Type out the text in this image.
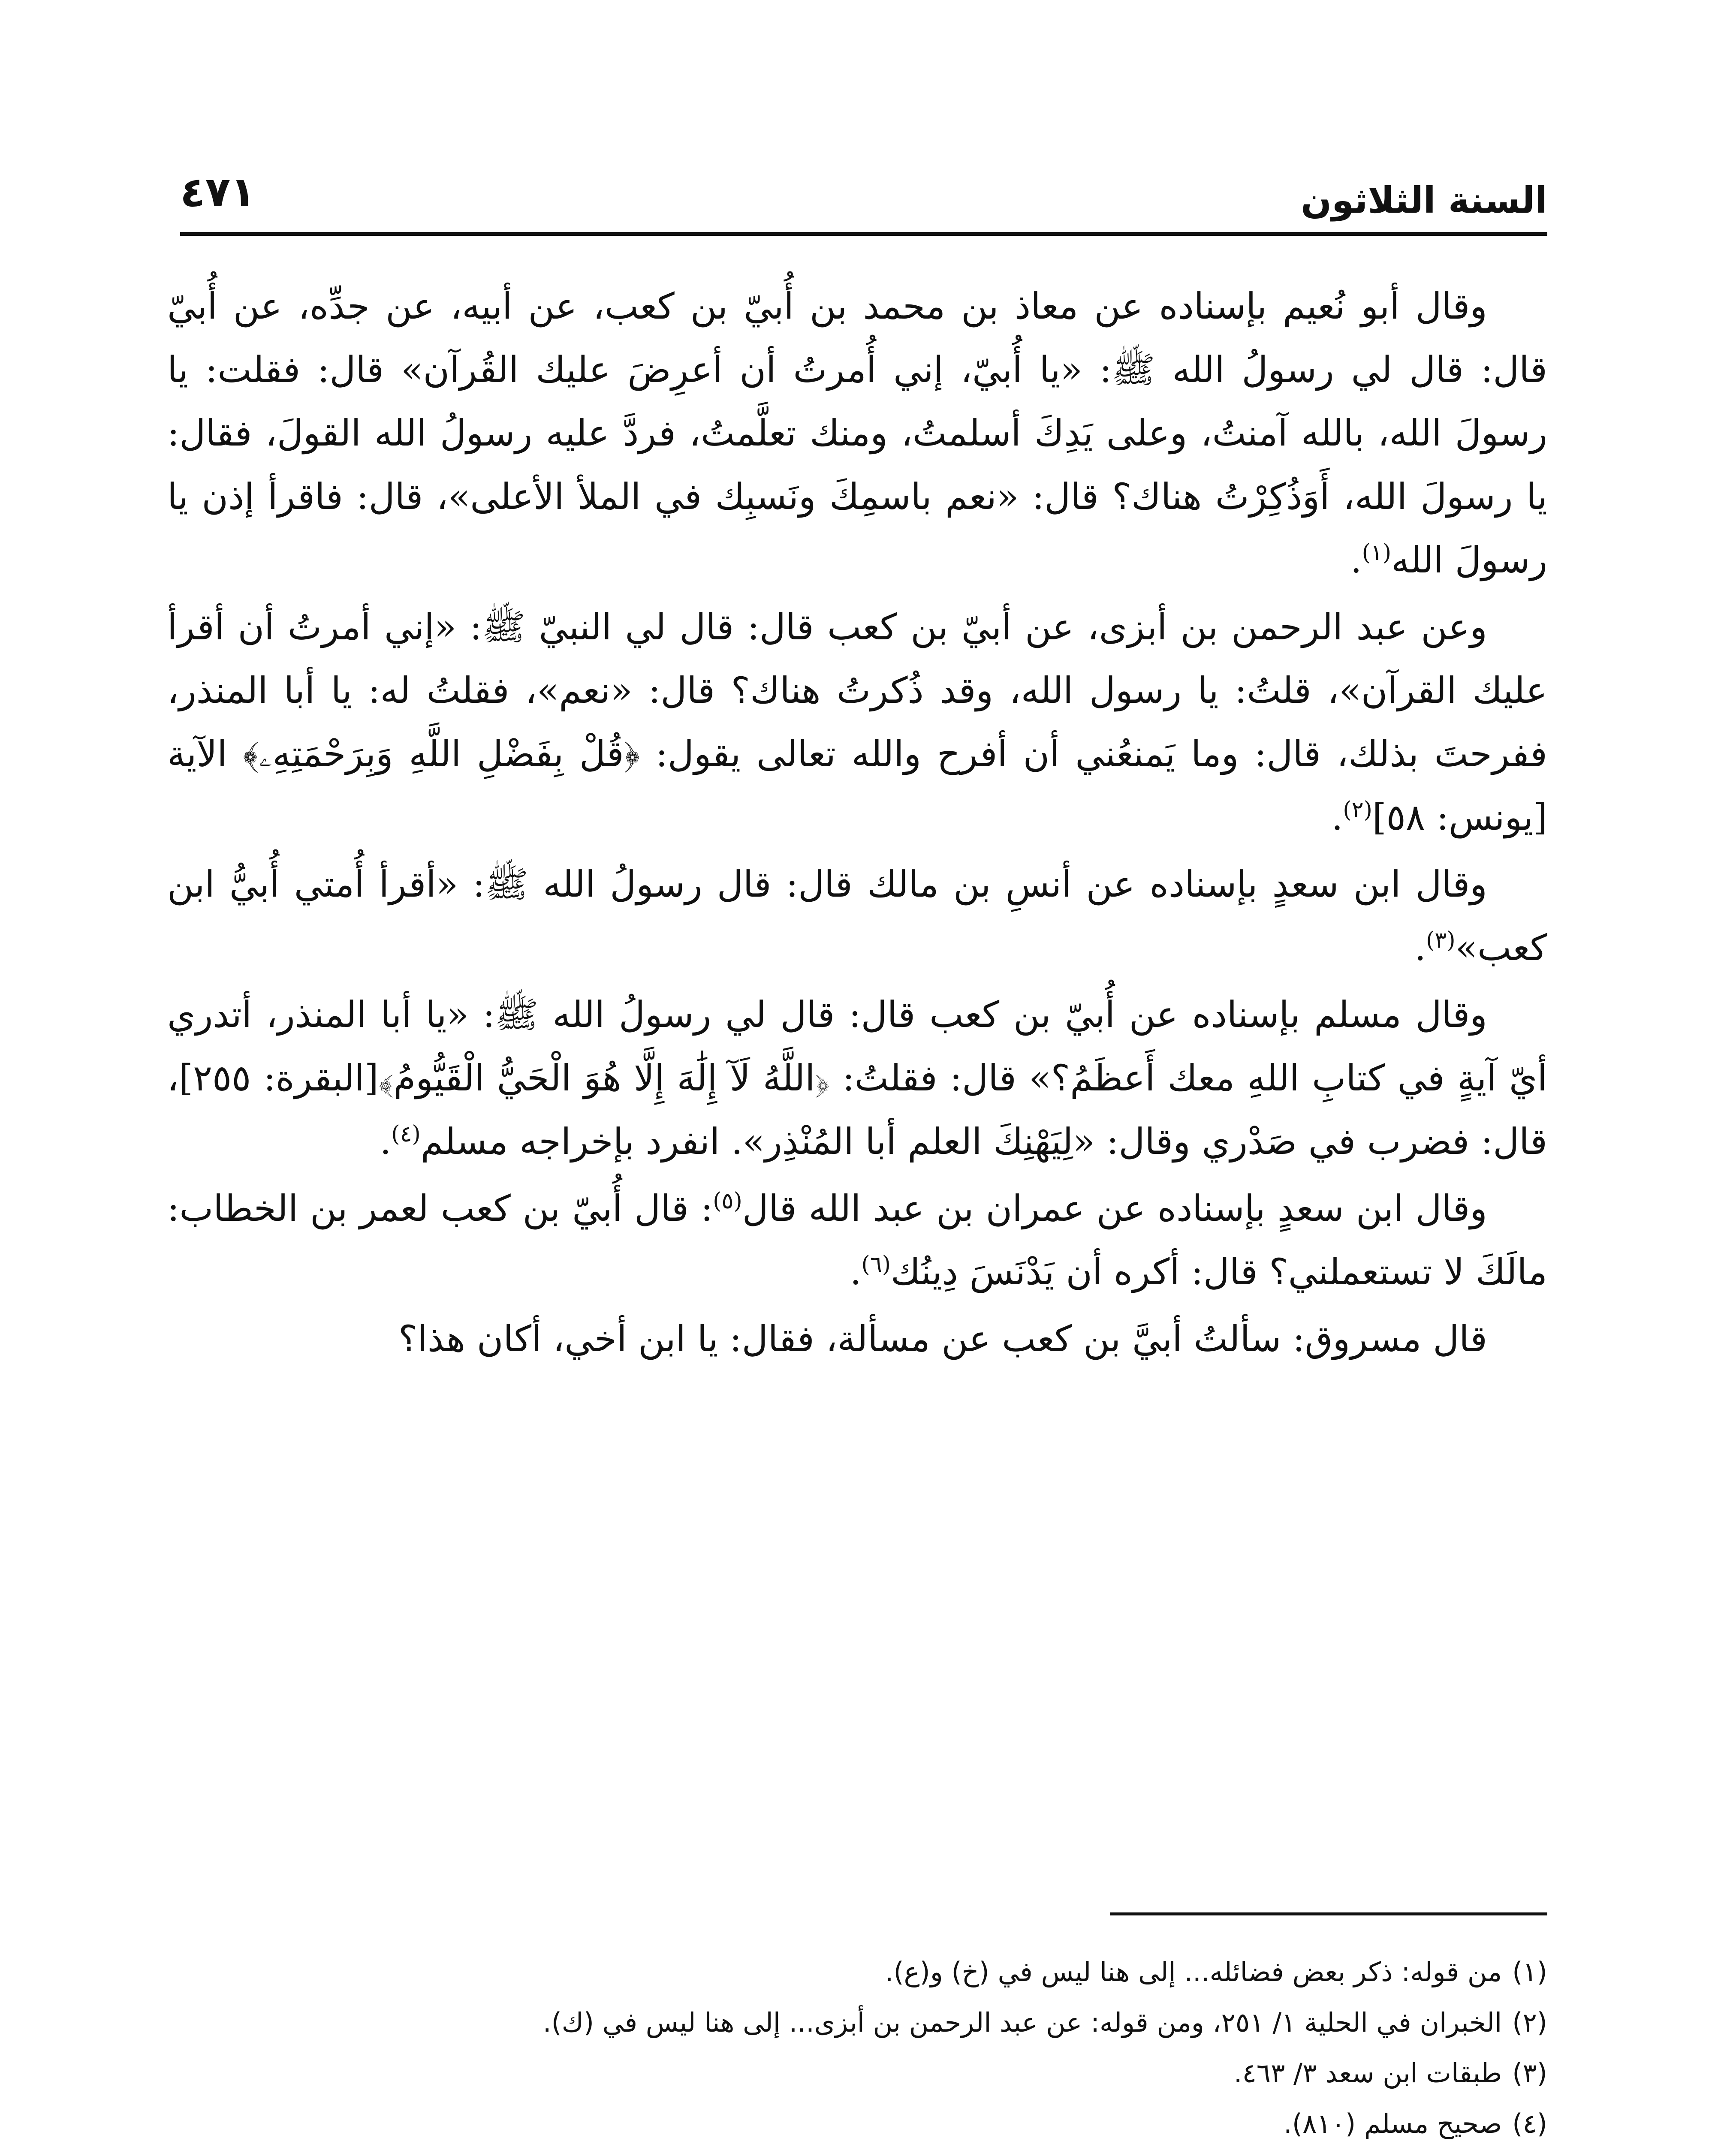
السنة الثلاثون
٤٧١

وقال أبو نُعيم بإسناده عن معاذ بن محمد بن أُبيّ بن كعب، عن أبيه، عن جدِّه، عن أُبيّ قال: قال لي رسولُ الله ﷺ: «يا أُبيّ، إني أُمرتُ أن أعرِضَ عليك القُرآن» قال: فقلت: يا رسولَ الله، بالله آمنتُ، وعلى يَدِكَ أسلمتُ، ومنك تعلَّمتُ، فردَّ عليه رسولُ الله القولَ، فقال: يا رسولَ الله، أَوَذُكِرْتُ هناك؟ قال: «نعم باسمِكَ ونَسبِك في الملأ الأعلى»، قال: فاقرأ إذن يا رسولَ الله$^{(١)}$.

وعن عبد الرحمن بن أبزى، عن أبيّ بن كعب قال: قال لي النبيّ ﷺ: «إني أمرتُ أن أقرأ عليك القرآن»، قلتُ: يا رسول الله، وقد ذُكرتُ هناك؟ قال: «نعم»، فقلتُ له: يا أبا المنذر، ففرحتَ بذلك، قال: وما يَمنعُني أن أفرح والله تعالى يقول: ﴿قُلْ بِفَضْلِ اللَّهِ وَبِرَحْمَتِهِۦ﴾ الآية [يونس: ٥٨]$^{(٢)}$.

وقال ابن سعدٍ بإسناده عن أنسِ بن مالك قال: قال رسولُ الله ﷺ: «أقرأ أُمتي أُبيُّ ابن كعب»$^{(٣)}$.

وقال مسلم بإسناده عن أُبيّ بن كعب قال: قال لي رسولُ الله ﷺ: «يا أبا المنذر، أتدري أيّ آيةٍ في كتابِ اللهِ معك أَعظَمُ؟» قال: فقلتُ: ﴿اللَّهُ لَآ إِلَٰهَ إِلَّا هُوَ الْحَيُّ الْقَيُّومُ﴾[البقرة: ٢٥٥]، قال: فضرب في صَدْري وقال: «لِيَهْنِكَ العلم أبا المُنْذِر». انفرد بإخراجه مسلم$^{(٤)}$.

وقال ابن سعدٍ بإسناده عن عمران بن عبد الله قال$^{(٥)}$: قال أُبيّ بن كعب لعمر بن الخطاب: مالَكَ لا تستعملني؟ قال: أكره أن يَدْنَسَ دِينُك$^{(٦)}$.

قال مسروق: سألتُ أبيَّ بن كعب عن مسألة، فقال: يا ابن أخي، أكان هذا؟

(١)من قوله: ذكر بعض فضائله... إلى هنا ليس في (خ) و(ع).

(٢)الخبران في الحلية ١/ ٢٥١، ومن قوله: عن عبد الرحمن بن أبزى... إلى هنا ليس في (ك).

(٣)طبقات ابن سعد ٣/ ٤٦٣.

(٤)صحيح مسلم (٨١٠).
